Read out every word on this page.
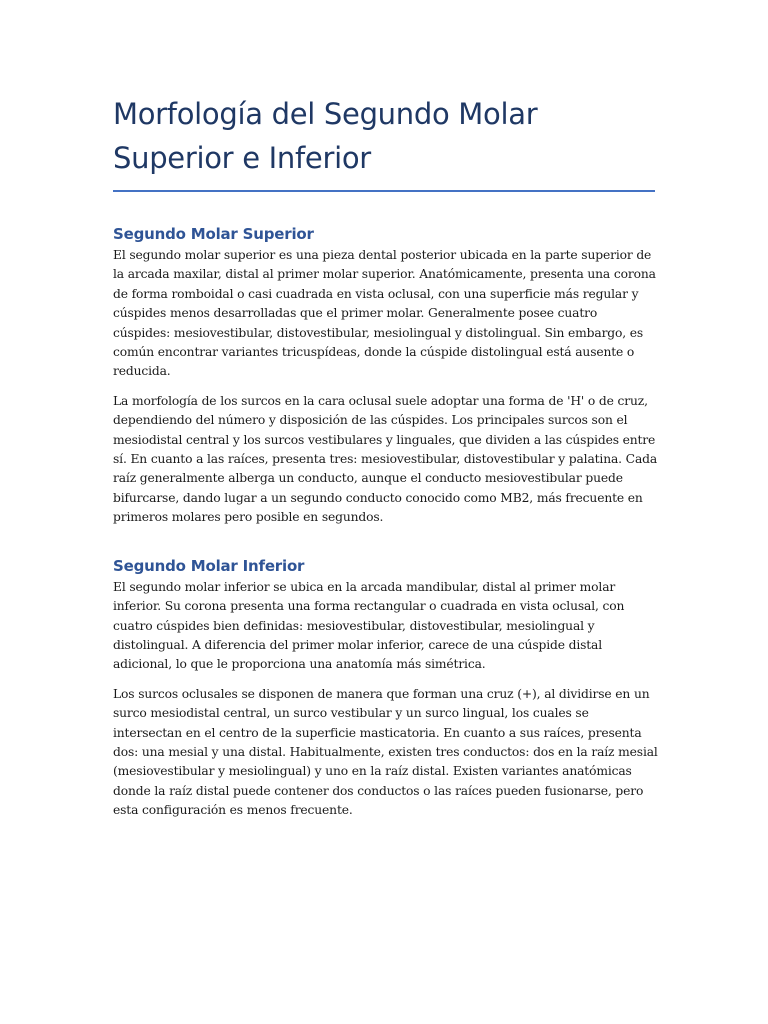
Morfología del Segundo Molar Superior e Inferior
Segundo Molar Superior

El segundo molar superior es una pieza dental posterior ubicada en la parte superior de la arcada maxilar, distal al primer molar superior. Anatómicamente, presenta una corona de forma romboidal o casi cuadrada en vista oclusal, con una superficie más regular y cúspides menos desarrolladas que el primer molar. Generalmente posee cuatro cúspides: mesiovestibular, distovestibular, mesiolingual y distolingual. Sin embargo, es común encontrar variantes tricuspídeas, donde la cúspide distolingual está ausente o reducida.

La morfología de los surcos en la cara oclusal suele adoptar una forma de 'H' o de cruz, dependiendo del número y disposición de las cúspides. Los principales surcos son el mesiodistal central y los surcos vestibulares y linguales, que dividen a las cúspides entre sí. En cuanto a las raíces, presenta tres: mesiovestibular, distovestibular y palatina. Cada raíz generalmente alberga un conducto, aunque el conducto mesiovestibular puede bifurcarse, dando lugar a un segundo conducto conocido como MB2, más frecuente en primeros molares pero posible en segundos.

Segundo Molar Inferior

El segundo molar inferior se ubica en la arcada mandibular, distal al primer molar inferior. Su corona presenta una forma rectangular o cuadrada en vista oclusal, con cuatro cúspides bien definidas: mesiovestibular, distovestibular, mesiolingual y distolingual. A diferencia del primer molar inferior, carece de una cúspide distal adicional, lo que le proporciona una anatomía más simétrica.

Los surcos oclusales se disponen de manera que forman una cruz (+), al dividirse en un surco mesiodistal central, un surco vestibular y un surco lingual, los cuales se intersectan en el centro de la superficie masticatoria. En cuanto a sus raíces, presenta dos: una mesial y una distal. Habitualmente, existen tres conductos: dos en la raíz mesial (mesiovestibular y mesiolingual) y uno en la raíz distal. Existen variantes anatómicas donde la raíz distal puede contener dos conductos o las raíces pueden fusionarse, pero esta configuración es menos frecuente.
